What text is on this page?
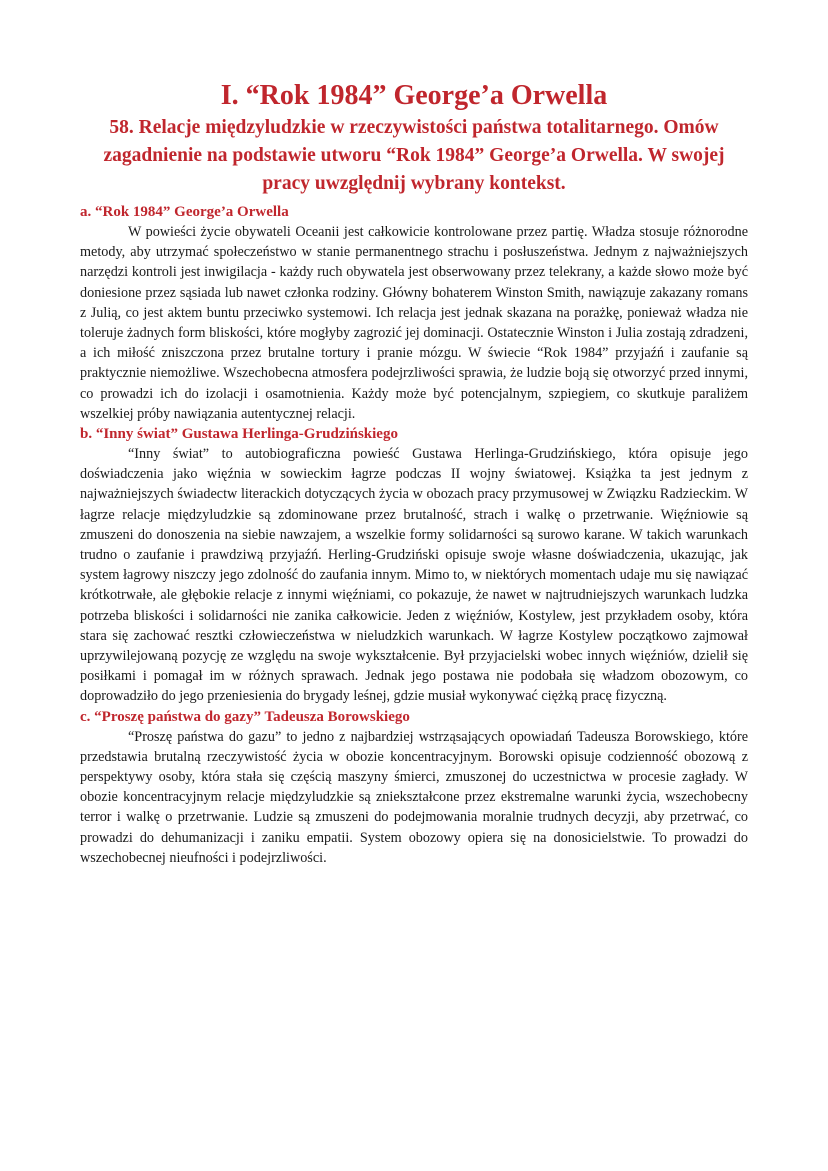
I. “Rok 1984” George’a Orwella
58. Relacje międzyludzkie w rzeczywistości państwa totalitarnego. Omów zagadnienie na podstawie utworu “Rok 1984” George’a Orwella. W swojej pracy uwzględnij wybrany kontekst.
a. “Rok 1984” George’a Orwella

W powieści życie obywateli Oceanii jest całkowicie kontrolowane przez partię. Władza stosuje różnorodne metody, aby utrzymać społeczeństwo w stanie permanentnego strachu i posłuszeństwa. Jednym z najważniejszych narzędzi kontroli jest inwigilacja - każdy ruch obywatela jest obserwowany przez telekrany, a każde słowo może być doniesione przez sąsiada lub nawet członka rodziny. Główny bohaterem Winston Smith, nawiązuje zakazany romans z Julią, co jest aktem buntu przeciwko systemowi. Ich relacja jest jednak skazana na porażkę, ponieważ władza nie toleruje żadnych form bliskości, które mogłyby zagrozić jej dominacji. Ostatecznie Winston i Julia zostają zdradzeni, a ich miłość zniszczona przez brutalne tortury i pranie mózgu. W świecie “Rok 1984” przyjaźń i zaufanie są praktycznie niemożliwe. Wszechobecna atmosfera podejrzliwości sprawia, że ludzie boją się otworzyć przed innymi, co prowadzi ich do izolacji i osamotnienia. Każdy może być potencjalnym, szpiegiem, co skutkuje paraliżem wszelkiej próby nawiązania autentycznej relacji.

b. “Inny świat” Gustawa Herlinga-Grudzińskiego

“Inny świat” to autobiograficzna powieść Gustawa Herlinga-Grudzińskiego, która opisuje jego doświadczenia jako więźnia w sowieckim łagrze podczas II wojny światowej. Książka ta jest jednym z najważniejszych świadectw literackich dotyczących życia w obozach pracy przymusowej w Związku Radzieckim. W łagrze relacje międzyludzkie są zdominowane przez brutalność, strach i walkę o przetrwanie. Więźniowie są zmuszeni do donoszenia na siebie nawzajem, a wszelkie formy solidarności są surowo karane. W takich warunkach trudno o zaufanie i prawdziwą przyjaźń. Herling-Grudziński opisuje swoje własne doświadczenia, ukazując, jak system łagrowy niszczy jego zdolność do zaufania innym. Mimo to, w niektórych momentach udaje mu się nawiązać krótkotrwałe, ale głębokie relacje z innymi więźniami, co pokazuje, że nawet w najtrudniejszych warunkach ludzka potrzeba bliskości i solidarności nie zanika całkowicie. Jeden z więźniów, Kostylew, jest przykładem osoby, która stara się zachować resztki człowieczeństwa w nieludzkich warunkach. W łagrze Kostylew początkowo zajmował uprzywilejowaną pozycję ze względu na swoje wykształcenie. Był przyjacielski wobec innych więźniów, dzielił się posiłkami i pomagał im w różnych sprawach. Jednak jego postawa nie podobała się władzom obozowym, co doprowadziło do jego przeniesienia do brygady leśnej, gdzie musiał wykonywać ciężką pracę fizyczną.

c. “Proszę państwa do gazy” Tadeusza Borowskiego

“Proszę państwa do gazu” to jedno z najbardziej wstrząsających opowiadań Tadeusza Borowskiego, które przedstawia brutalną rzeczywistość życia w obozie koncentracyjnym. Borowski opisuje codzienność obozową z perspektywy osoby, która stała się częścią maszyny śmierci, zmuszonej do uczestnictwa w procesie zagłady. W obozie koncentracyjnym relacje międzyludzkie są zniekształcone przez ekstremalne warunki życia, wszechobecny terror i walkę o przetrwanie. Ludzie są zmuszeni do podejmowania moralnie trudnych decyzji, aby przetrwać, co prowadzi do dehumanizacji i zaniku empatii. System obozowy opiera się na donosicielstwie. To prowadzi do wszechobecnej nieufności i podejrzliwości.
